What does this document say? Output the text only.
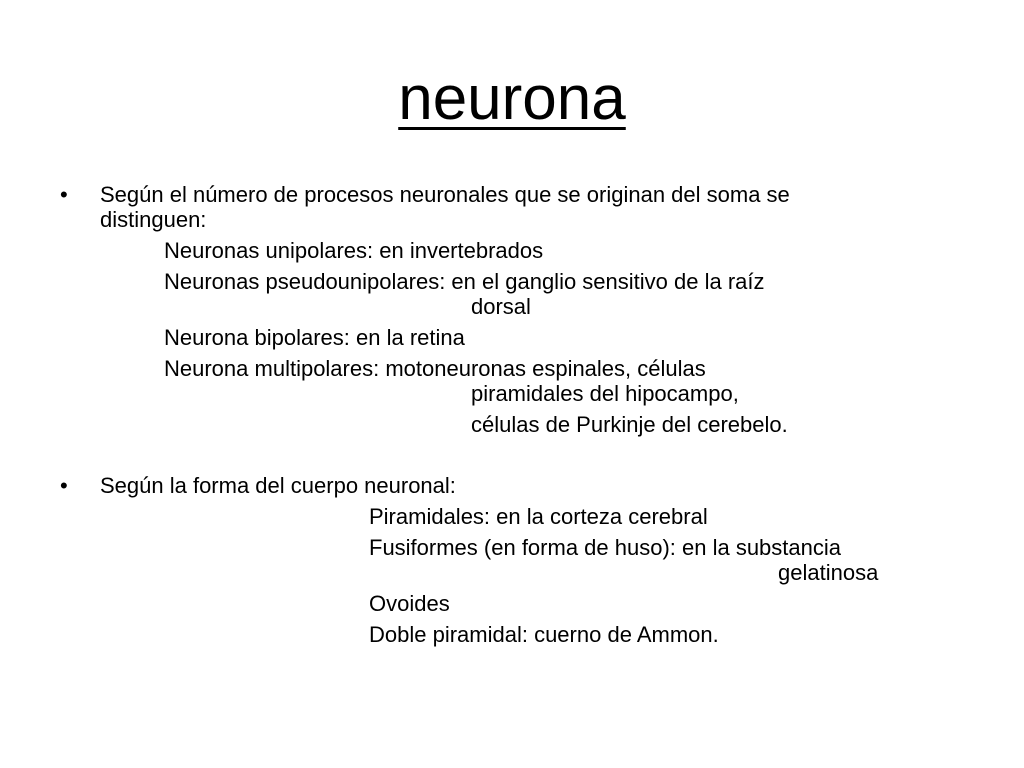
neurona
• Según el número de procesos neuronales que se originan del soma se
distinguen:
Neuronas unipolares: en invertebrados
Neuronas pseudounipolares: en el ganglio sensitivo de la raíz
dorsal
Neurona bipolares: en la retina
Neurona multipolares: motoneuronas espinales, células
piramidales del hipocampo,
células de Purkinje del cerebelo.
• Según la forma del cuerpo neuronal:
Piramidales: en la corteza cerebral
Fusiformes (en forma de huso): en la substancia
gelatinosa
Ovoides
Doble piramidal: cuerno de Ammon.
